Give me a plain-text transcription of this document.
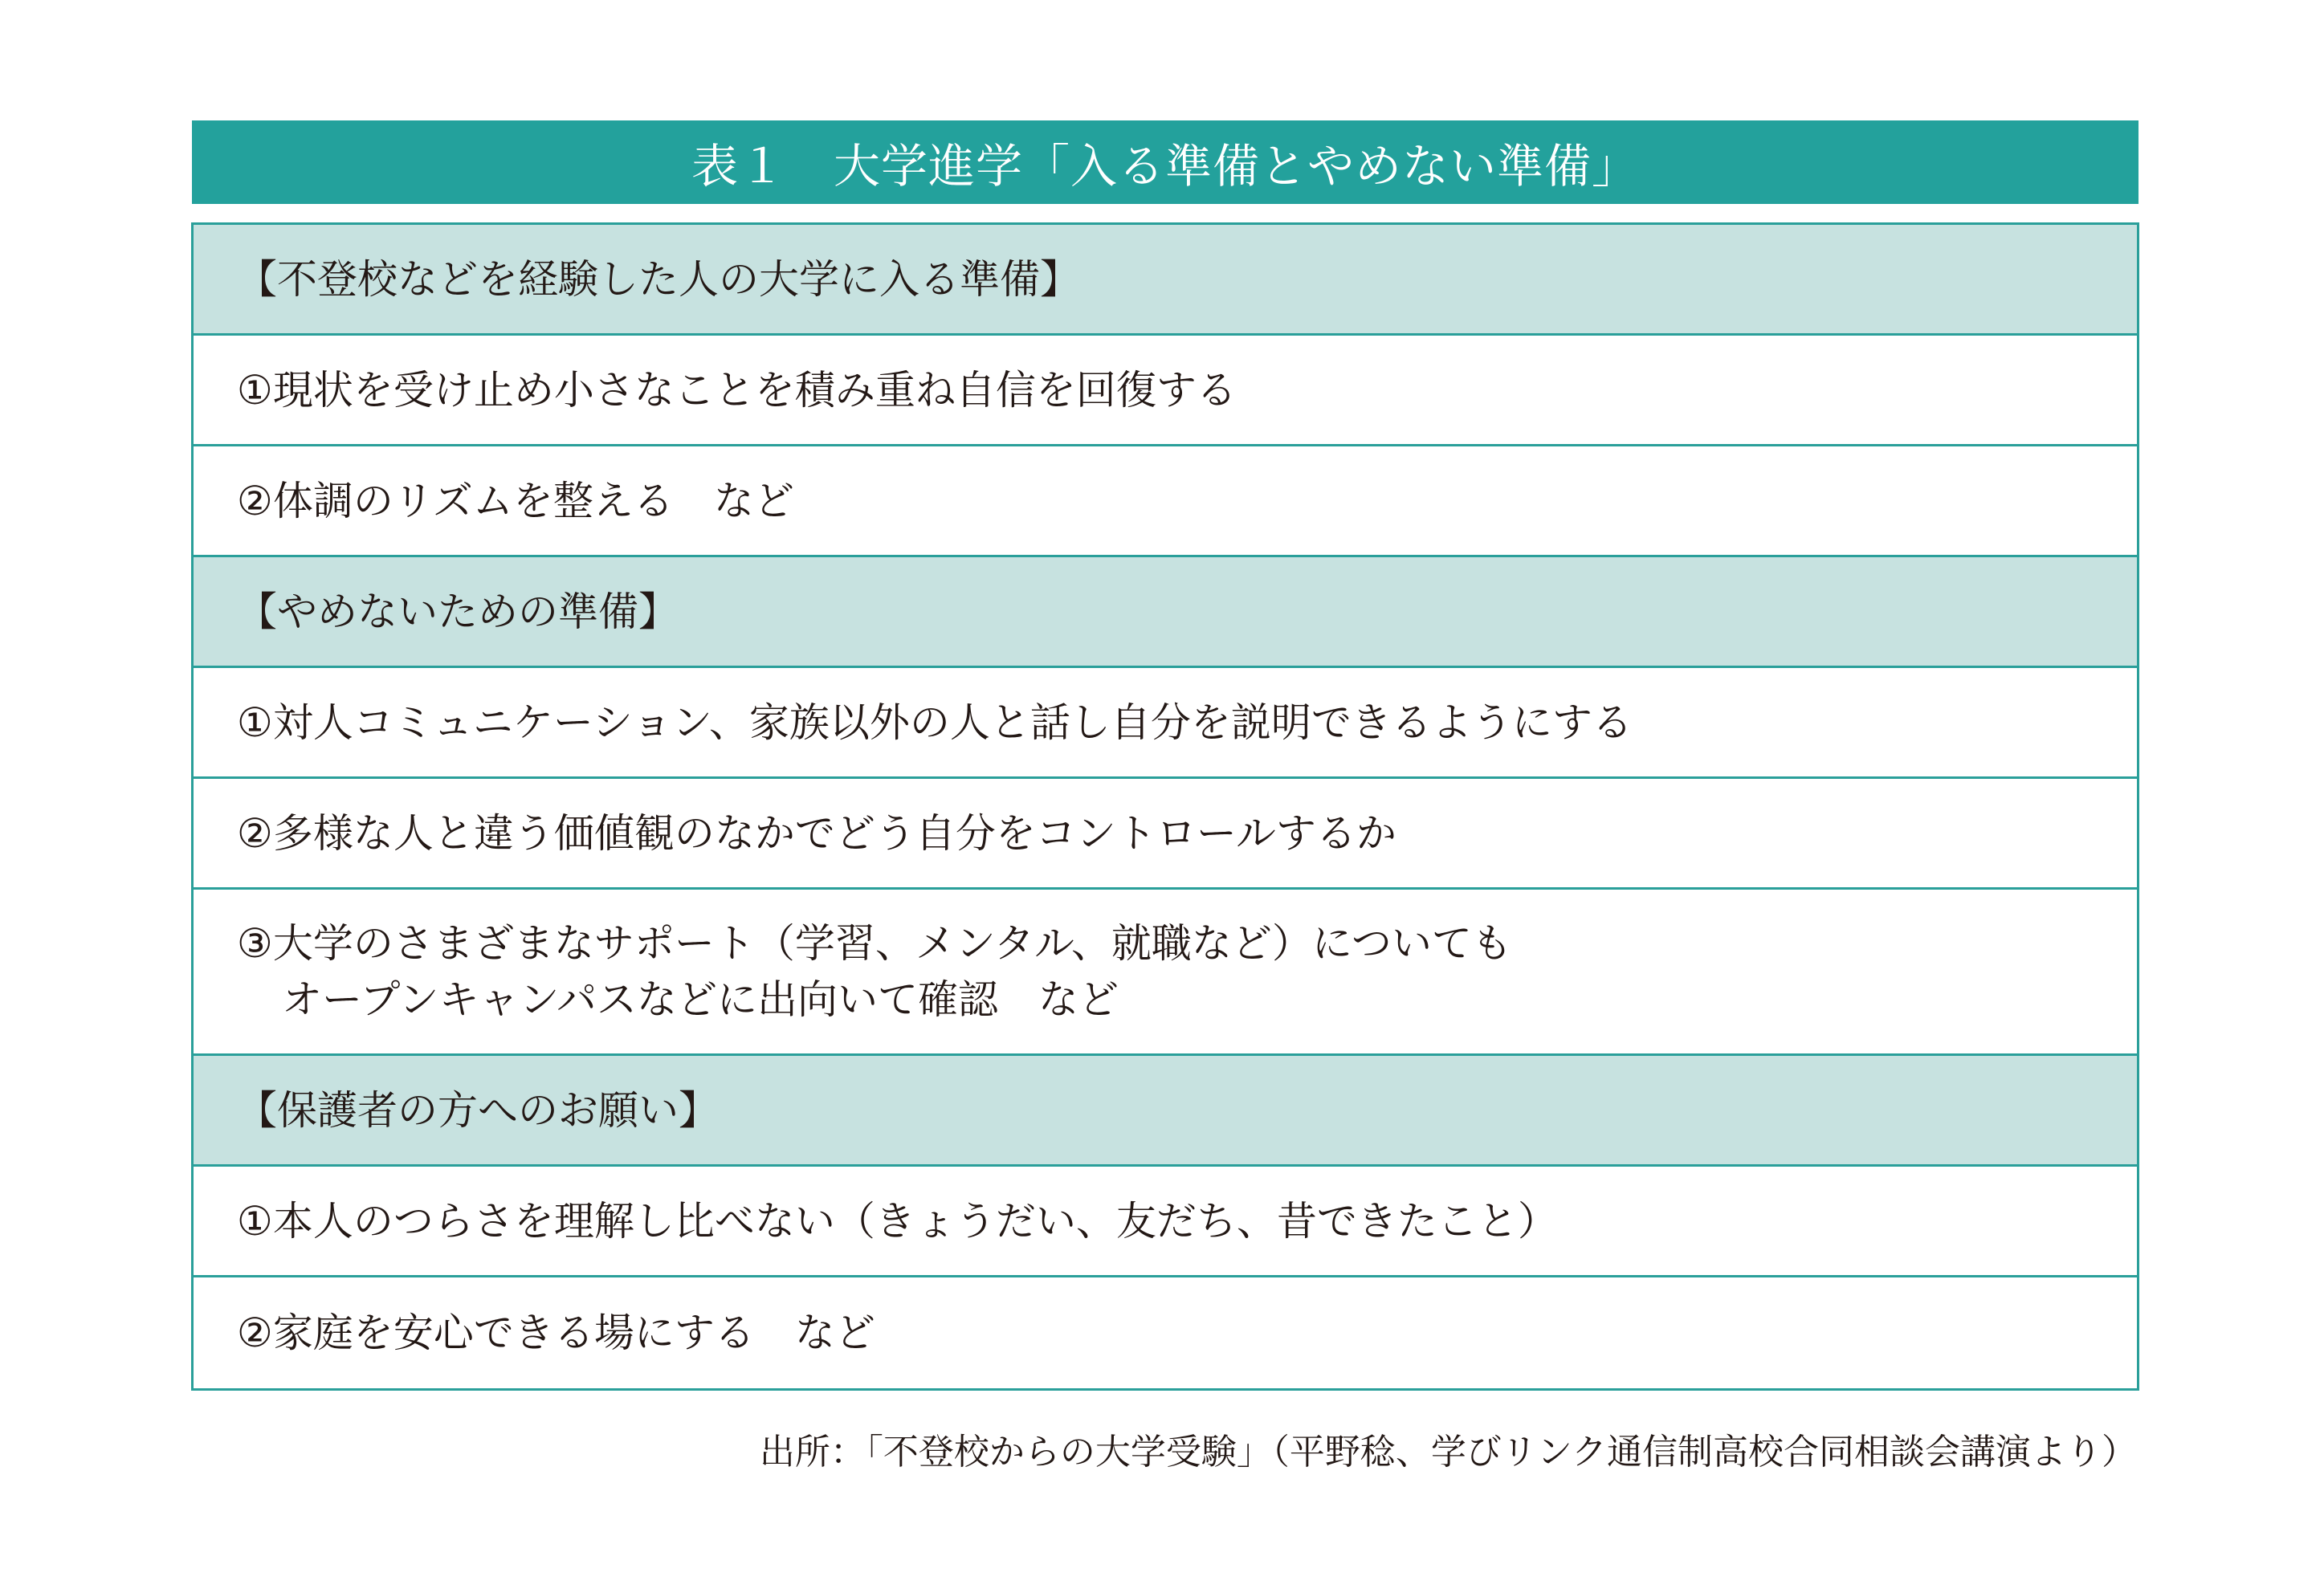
表１　大学進学「入る準備とやめない準備」
【不登校などを経験した人の大学に入る準備】
①現状を受け止め小さなことを積み重ね自信を回復する
②体調のリズムを整える　など
【やめないための準備】
①対人コミュニケーション、家族以外の人と話し自分を説明できるようにする
②多様な人と違う価値観のなかでどう自分をコントロールするか
③大学のさまざまなサポート（学習、メンタル、就職など）についても
オープンキャンパスなどに出向いて確認　など
【保護者の方へのお願い】
①本人のつらさを理解し比べない（きょうだい、友だち、昔できたこと）
②家庭を安心できる場にする　など
出所：「不登校からの大学受験」（平野稔、学びリンク通信制高校合同相談会講演より）
